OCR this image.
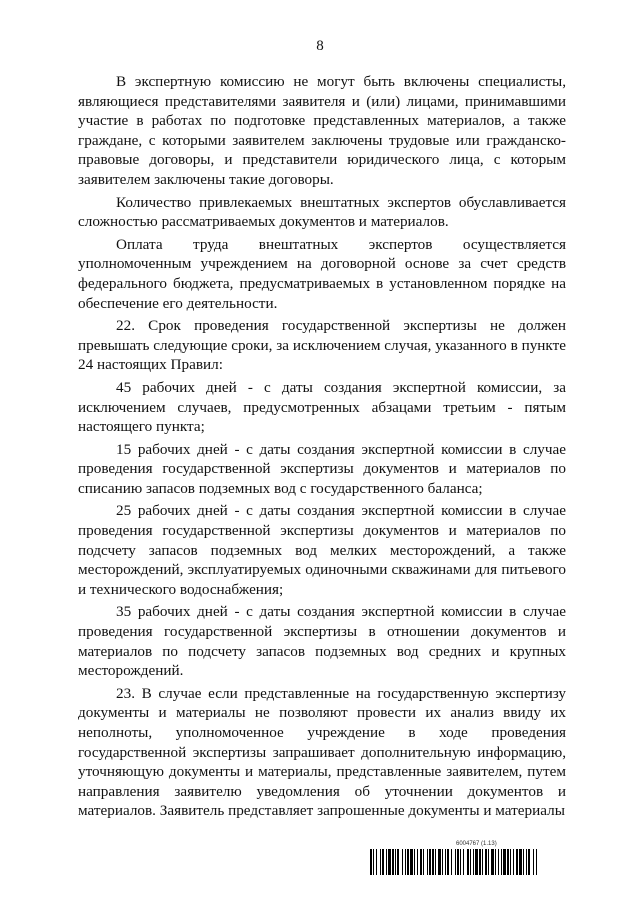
8

В экспертную комиссию не могут быть включены специалисты, являющиеся представителями заявителя и (или) лицами, принимавшими участие в работах по подготовке представленных материалов, а также граждане, с которыми заявителем заключены трудовые или гражданско-правовые договоры, и представители юридического лица, с которым заявителем заключены такие договоры.

Количество привлекаемых внештатных экспертов обуславливается сложностью рассматриваемых документов и материалов.

Оплата труда внештатных экспертов осуществляется уполномоченным учреждением на договорной основе за счет средств федерального бюджета, предусматриваемых в установленном порядке на обеспечение его деятельности.

22. Срок проведения государственной экспертизы не должен превышать следующие сроки, за исключением случая, указанного в пункте 24 настоящих Правил:

45 рабочих дней - с даты создания экспертной комиссии, за исключением случаев, предусмотренных абзацами третьим - пятым настоящего пункта;

15 рабочих дней - с даты создания экспертной комиссии в случае проведения государственной экспертизы документов и материалов по списанию запасов подземных вод с государственного баланса;

25 рабочих дней - с даты создания экспертной комиссии в случае проведения государственной экспертизы документов и материалов по подсчету запасов подземных вод мелких месторождений, а также месторождений, эксплуатируемых одиночными скважинами для питьевого и технического водоснабжения;

35 рабочих дней - с даты создания экспертной комиссии в случае проведения государственной экспертизы в отношении документов и материалов по подсчету запасов подземных вод средних и крупных месторождений.

23. В случае если представленные на государственную экспертизу документы и материалы не позволяют провести их анализ ввиду их неполноты, уполномоченное учреждение в ходе проведения государственной экспертизы запрашивает дополнительную информацию, уточняющую документы и материалы, представленные заявителем, путем направления заявителю уведомления об уточнении документов и материалов. Заявитель представляет запрошенные документы и материалы

6004767 (1.13)
